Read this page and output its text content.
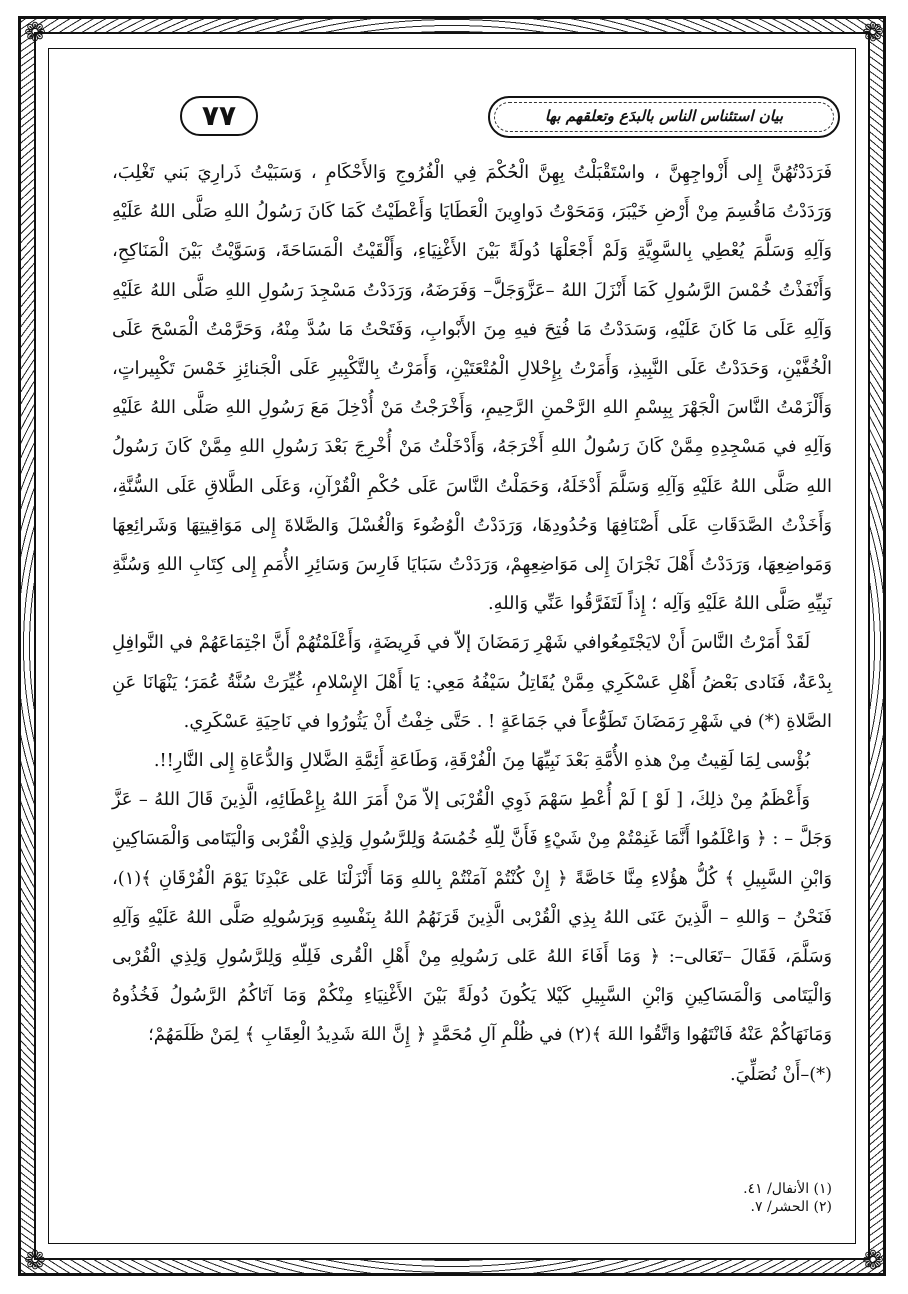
❁	❁
❁	❁
بيان استئناس الناس بالبدَع وتعلقهم بها
٧٧

فَرَدَدْتُهُنَّ إِلى أَزْواجِهِنَّ ، واسْتَقْبَلْتُ بِهِنَّ الْحُكْمَ فِي الْفُرُوجِ وَالأَحْكَامِ ، وَسَبَيْتُ ذَرارِيَ بَني تَغْلِبَ، وَرَدَدْتُ مَاقُسِمَ مِنْ أَرْضِ خَيْبَرَ، وَمَحَوْتُ دَواوِينَ الْعَطَايَا وَأَعْطَيْتُ كَمَا كَانَ رَسُولُ اللهِ صَلَّى اللهُ عَلَيْهِ وَآلِهِ وَسَلَّمَ يُعْطِي بِالسَّوِيَّةِ وَلَمْ أَجْعَلْهَا دُولَةً بَيْنَ الأَغْنِيَاءِ، وَأَلْقَيْتُ الْمَسَاحَةَ، وَسَوَّيْتُ بَيْنَ الْمَنَاكِحِ، وَأَنْفَذْتُ خُمْسَ الرَّسُولِ كَمَا أَنْزَلَ اللهُ –عَزَّوَجَلَّ– وَفَرَضَهُ، وَرَدَدْتُ مَسْجِدَ رَسُولِ اللهِ صَلَّى اللهُ عَلَيْهِ وَآلِهِ عَلَى مَا كَانَ عَلَيْهِ، وَسَدَدْتُ مَا فُتِحَ فيهِ مِنَ الأَبْوابِ، وَفَتَحْتُ مَا سُدَّ مِنْهُ، وَحَرَّمْتُ الْمَسْحَ عَلَى الْخُفَّيْنِ، وَحَدَدْتُ عَلَى النَّبِيذِ، وَأَمَرْتُ بِإِحْلالِ الْمُتْعَتَيْنِ، وَأَمَرْتُ بِالتَّكْبِيرِ عَلَى الْجَنائِزِ خَمْسَ تَكْبِيراتٍ، وَأَلْزَمْتُ النَّاسَ الْجَهْرَ بِبِسْمِ اللهِ الرَّحْمنِ الرَّحِيمِ، وَأَخْرَجْتُ مَنْ أُدْخِلَ مَعَ رَسُولِ اللهِ صَلَّى اللهُ عَلَيْهِ وَآلِهِ في مَسْجِدِهِ مِمَّنْ كَانَ رَسُولُ اللهِ أَخْرَجَهُ، وَأَدْخَلْتُ مَنْ أُخْرِجَ بَعْدَ رَسُولِ اللهِ مِمَّنْ كَانَ رَسُولُ اللهِ صَلَّى اللهُ عَلَيْهِ وَآلِهِ وَسَلَّمَ أَدْخَلَهُ، وَحَمَلْتُ النَّاسَ عَلَى حُكْمِ الْقُرْآنِ، وَعَلَى الطَّلاقِ عَلَى السُّنَّةِ، وَأَخَذْتُ الصَّدَقَاتِ عَلَى أَصْنَافِهَا وَحُدُودِهَا، وَرَدَدْتُ الْوُضُوءَ وَالْغُسْلَ وَالصَّلاةَ إِلى مَوَاقِيتِهَا وَشَرائِعِهَا وَمَواضِعِهَا، وَرَدَدْتُ أَهْلَ نَجْرَانَ إِلى مَوَاضِعِهِمْ، وَرَدَدْتُ سَبَايَا فَارِسَ وَسَائِرِ الأُمَمِ إِلى كِتَابِ اللهِ وَسُنَّةِ نَبِيِّهِ صَلَّى اللهُ عَلَيْهِ وَآلِه ؛ إِذاً لَتَفَرَّقُوا عَنِّي وَاللهِ.

لَقَدْ أَمَرْتُ النَّاسَ أَنْ لايَجْتَمِعُوافي شَهْرِ رَمَضَانَ إلاّ في فَرِيضَةٍ، وَأَعْلَمْتُهُمْ أَنَّ اجْتِمَاعَهُمْ في النَّوافِلِ بِدْعَةٌ، فَنَادى بَعْضُ أَهْلِ عَسْكَرِي مِمَّنْ يُقَاتِلُ سَيْفُهُ مَعِي: يَا أَهْلَ الإِسْلامِ، غُيِّرَتْ سُنَّةُ عُمَرَ؛ يَنْهَانَا عَنِ الصَّلاةِ (*) في شَهْرِ رَمَضَانَ تَطَوُّعاً في جَمَاعَةٍ ! . حَتَّى خِفْتُ أَنْ يَثُورُوا في نَاحِيَةِ عَسْكَرِي.

بُؤْسى لِمَا لَقِيتُ مِنْ هذهِ الأُمَّةِ بَعْدَ نَبِيِّهَا مِنَ الْفُرْقَةِ، وَطَاعَةِ أَئِمَّةِ الضَّلالِ وَالدُّعَاةِ إِلى النَّارِ!!.

وَأَعْظَمُ مِنْ ذلِكَ، [ لَوْ ] لَمْ أُعْطِ سَهْمَ ذَوِي الْقُرْبَى إلاّ مَنْ أَمَرَ اللهُ بِإِعْطَائِهِ، الَّذِينَ قَالَ اللهُ – عَزَّ وَجَلَّ – : ﴿ وَاعْلَمُوا أَنَّمَا غَنِمْتُمْ مِنْ شَيْءٍ فَأَنَّ لِلّهِ خُمُسَهُ وَلِلرَّسُولِ وَلِذِي الْقُرْبى وَالْيَتَامى وَالْمَسَاكِينِ وَابْنِ السَّبِيلِ ﴾ كُلُّ هؤُلاءِ مِنَّا خَاصَّةً ﴿ إِنْ كُنْتُمْ آمَنْتُمْ بِاللهِ وَمَا أَنْزَلْنَا عَلى عَبْدِنَا يَوْمَ الْفُرْقَانِ ﴾(١)، فَنَحْنُ – وَاللهِ – الَّذِينَ عَنَى اللهُ بِذِي الْقُرْبى الَّذِينَ قَرَنَهُمُ اللهُ بِنَفْسِهِ وَبِرَسُولِهِ صَلَّى اللهُ عَلَيْهِ وَآلِهِ وَسَلَّمَ، فَقَالَ –تَعَالى–: ﴿ وَمَا أَفَاءَ اللهُ عَلى رَسُولِهِ مِنْ أَهْلِ الْقُرى فَلِلّهِ وَلِلرَّسُولِ وَلِذِي الْقُرْبى وَالْيَتَامى وَالْمَسَاكِينِ وَابْنِ السَّبِيلِ كَيْلا يَكُونَ دُولَةً بَيْنَ الأَغْنِيَاءِ مِنْكُمْ وَمَا آتَاكُمُ الرَّسُولُ فَخُذُوهُ وَمَانَهَاكُمْ عَنْهُ فَانْتَهُوا وَاتَّقُوا اللهَ ﴾(٢) في ظُلْمِ آلِ مُحَمَّدٍ ﴿ إِنَّ اللهَ شَدِيدُ الْعِقَابِ ﴾ لِمَنْ ظَلَمَهُمْ؛

(*)–أَنْ نُصَلِّيَ.

(١) الأنفال/ ٤١.
(٢) الحشر/ ٧.
